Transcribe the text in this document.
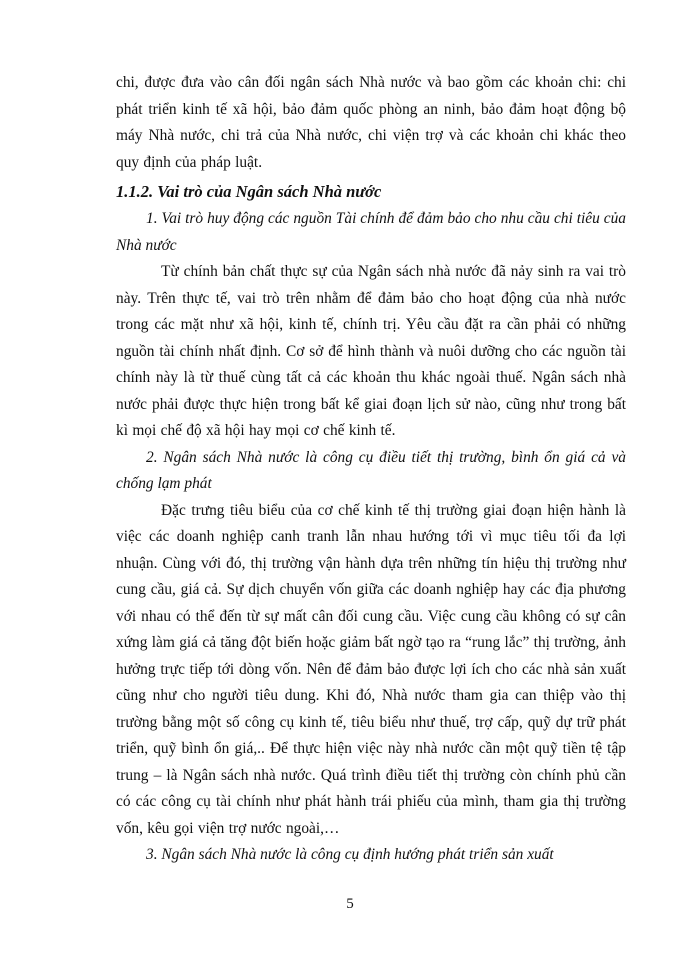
chi, được đưa vào cân đối ngân sách Nhà nước và bao gồm các khoản chi: chi phát triển kinh tế xã hội, bảo đảm quốc phòng an ninh, bảo đảm hoạt động bộ máy Nhà nước, chi trả của Nhà nước, chi viện trợ và các khoản chi khác theo quy định của pháp luật.

1.1.2. Vai trò của Ngân sách Nhà nước

1. Vai trò huy động các nguồn Tài chính để đảm bảo cho nhu cầu chi tiêu của Nhà nước

Từ chính bản chất thực sự của Ngân sách nhà nước đã nảy sinh ra vai trò này. Trên thực tế, vai trò trên nhằm để đảm bảo cho hoạt động của nhà nước trong các mặt như xã hội, kinh tế, chính trị. Yêu cầu đặt ra cần phải có những nguồn tài chính nhất định. Cơ sở để hình thành và nuôi dưỡng cho các nguồn tài chính này là từ thuế cùng tất cả các khoản thu khác ngoài thuế. Ngân sách nhà nước phải được thực hiện trong bất kể giai đoạn lịch sử nào, cũng như trong bất kì mọi chế độ xã hội hay mọi cơ chế kinh tế.

2. Ngân sách Nhà nước là công cụ điều tiết thị trường, bình ổn giá cả và chống lạm phát

Đặc trưng tiêu biểu của cơ chế kinh tế thị trường giai đoạn hiện hành là việc các doanh nghiệp canh tranh lẫn nhau hướng tới vì mục tiêu tối đa lợi nhuận. Cùng với đó, thị trường vận hành dựa trên những tín hiệu thị trường như cung cầu, giá cả. Sự dịch chuyển vốn giữa các doanh nghiệp hay các địa phương với nhau có thể đến từ sự mất cân đối cung cầu. Việc cung cầu không có sự cân xứng làm giá cả tăng đột biến hoặc giảm bất ngờ tạo ra “rung lắc” thị trường, ảnh hưởng trực tiếp tới dòng vốn. Nên để đảm bảo được lợi ích cho các nhà sản xuất cũng như cho người tiêu dung. Khi đó, Nhà nước tham gia can thiệp vào thị trường bằng một số công cụ kinh tế, tiêu biểu như thuế, trợ cấp, quỹ dự trữ phát triển, quỹ bình ổn giá,.. Để thực hiện việc này nhà nước cần một quỹ tiền tệ tập trung – là Ngân sách nhà nước. Quá trình điều tiết thị trường còn chính phủ cần có các công cụ tài chính như phát hành trái phiếu của mình, tham gia thị trường vốn, kêu gọi viện trợ nước ngoài,…

3. Ngân sách Nhà nước là công cụ định hướng phát triển sản xuất

5
